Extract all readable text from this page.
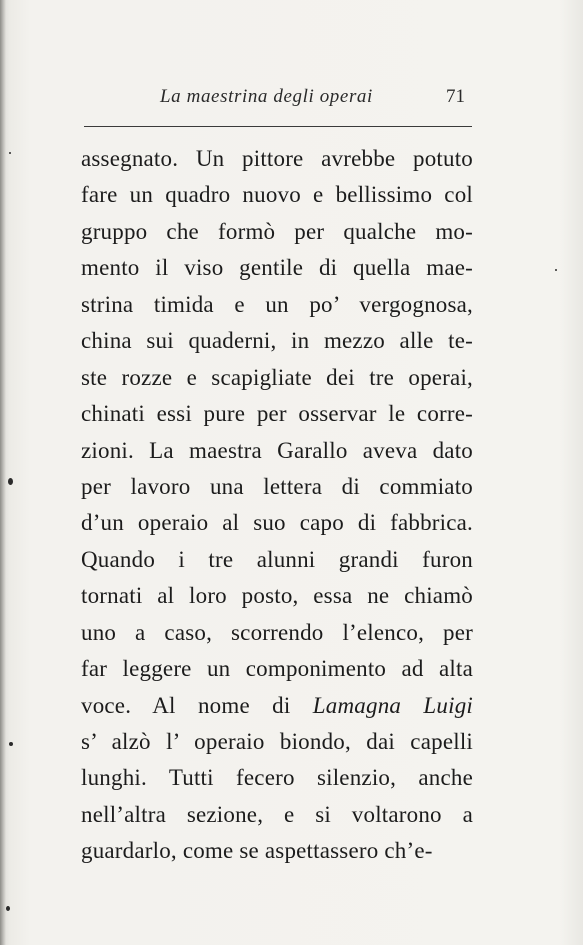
La maestrina degli operai	71
assegnato. Un pittore avrebbe potuto
fare un quadro nuovo e bellissimo col
gruppo che formò per qualche mo-
mento il viso gentile di quella mae-
strina timida e un po’ vergognosa,
china sui quaderni, in mezzo alle te-
ste rozze e scapigliate dei tre operai,
chinati essi pure per osservar le corre-
zioni. La maestra Garallo aveva dato
per lavoro una lettera di commiato
d’un operaio al suo capo di fabbrica.
Quando i tre alunni grandi furon
tornati al loro posto, essa ne chiamò
uno a caso, scorrendo l’elenco, per
far leggere un componimento ad alta
voce. Al nome di Lamagna Luigi
s’ alzò l’ operaio biondo, dai capelli
lunghi. Tutti fecero silenzio, anche
nell’altra sezione, e si voltarono a
guardarlo, come se aspettassero ch’e-
